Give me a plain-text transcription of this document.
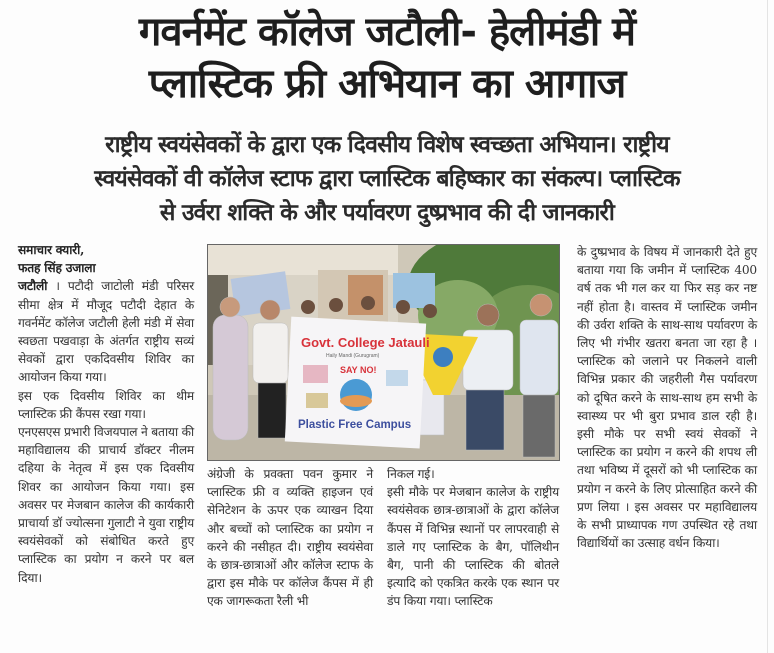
गवर्नमेंट कॉलेज जटौली- हेलीमंडी में
प्लास्टिक फ्री अभियान का आगाज
राष्ट्रीय स्वयंसेवकों के द्वारा एक दिवसीय विशेष स्वच्छता अभियान। राष्ट्रीय
स्वयंसेवकों वी कॉलेज स्टाफ द्वारा प्लास्टिक बहिष्कार का संकल्प। प्लास्टिक
से उर्वरा शक्ति के और पर्यावरण दुष्प्रभाव की दी जानकारी

समाचार क्यारी,

फतह सिंह उजाला

जटौली । पटौदी जाटोली मंडी परिसर सीमा क्षेत्र में मौजूद पटौदी देहात के गवर्नमेंट कॉलेज जटौली हेली मंडी में सेवा स्वछता पखवाड़ा के अंतर्गत राष्ट्रीय सव्यं सेवकों द्वारा एकदिवसीय शिविर का आयोजन किया गया।

इस एक दिवसीय शिविर का थीम प्लास्टिक फ्री कैंपस रखा गया।

एनएसएस प्रभारी विजयपाल ने बताया की महाविद्यालय की प्राचार्य डॉक्टर नीलम दहिया के नेतृत्व में इस एक दिवसीय शिवर का आयोजन किया गया। इस अवसर पर मेजबान कालेज की कार्यकारी प्राचार्या डॉ ज्योत्सना गुलाटी ने युवा राष्ट्रीय स्वयंसेवकों को संबोधित करते हुए प्लास्टिक का प्रयोग न करने पर बल दिया।

Govt. College Jatauli
Haily Mandi (Gurugram)
SAY NO!
Plastic Free Campus

अंग्रेजी के प्रवक्ता पवन कुमार ने प्लास्टिक फ्री व व्यक्ति हाइजन एवं सेनिटेशन के ऊपर एक व्याखन दिया और बच्चों को प्लास्टिक का प्रयोग न करने की नसीहत दी। राष्ट्रीय स्वयंसेवा के छात्र-छात्राओं और कॉलेज स्टाफ के द्वारा इस मौके पर कॉलेज कैंपस में ही एक जागरूकता रैली भी

निकल गई।

इसी मौके पर मेजबान कालेज के राष्ट्रीय स्वयंसेवक छात्र-छात्राओं के द्वारा कॉलेज कैंपस में विभिन्न स्थानों पर लापरवाही से डाले गए प्लास्टिक के बैग, पॉलिथीन बैग, पानी की प्लास्टिक की बोतले इत्यादि को एकत्रित करके एक स्थान पर डंप किया गया। प्लास्टिक

के दुष्प्रभाव के विषय में जानकारी देते हुए बताया गया कि जमीन में प्लास्टिक 400 वर्ष तक भी गल कर या फिर सड़ कर नष्ट नहीं होता है। वास्तव में प्लास्टिक जमीन की उर्वरा शक्ति के साथ-साथ पर्यावरण के लिए भी गंभीर खतरा बनता जा रहा है । प्लास्टिक को जलाने पर निकलने वाली विभिन्न प्रकार की जहरीली गैस पर्यावरण को दूषित करने के साथ-साथ हम सभी के स्वास्थ्य पर भी बुरा प्रभाव डाल रही है। इसी मौके पर सभी स्वयं सेवकों ने प्लास्टिक का प्रयोग न करने की शपथ ली तथा भविष्य में दूसरों को भी प्लास्टिक का प्रयोग न करने के लिए प्रोत्साहित करने की प्रण लिया । इस अवसर पर महाविद्यालय के सभी प्राध्यापक गण उपस्थित रहे तथा विद्यार्थियों का उत्साह वर्धन किया।
